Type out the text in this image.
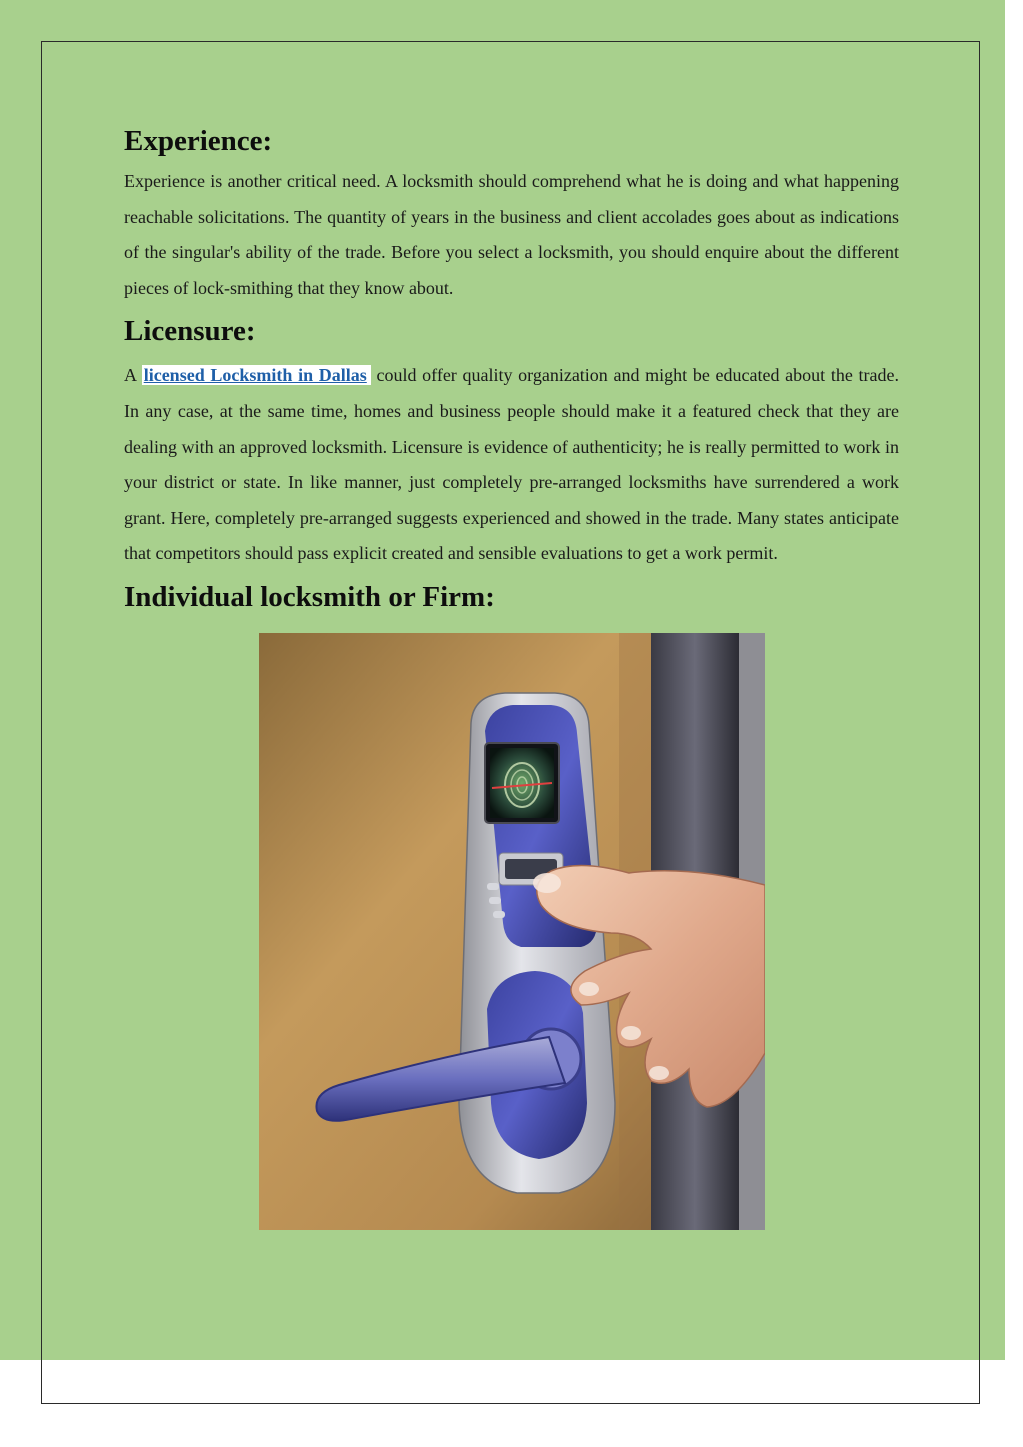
Experience:

Experience is another critical need. A locksmith should comprehend what he is doing and what happening reachable solicitations. The quantity of years in the business and client accolades goes about as indications of the singular's ability of the trade. Before you select a locksmith, you should enquire about the different pieces of lock-smithing that they know about.

Licensure:

A licensed Locksmith in Dallas could offer quality organization and might be educated about the trade. In any case, at the same time, homes and business people should make it a featured check that they are dealing with an approved locksmith. Licensure is evidence of authenticity; he is really permitted to work in your district or state. In like manner, just completely pre-arranged locksmiths have surrendered a work grant. Here, completely pre-arranged suggests experienced and showed in the trade. Many states anticipate that competitors should pass explicit created and sensible evaluations to get a work permit.

Individual locksmith or Firm:
